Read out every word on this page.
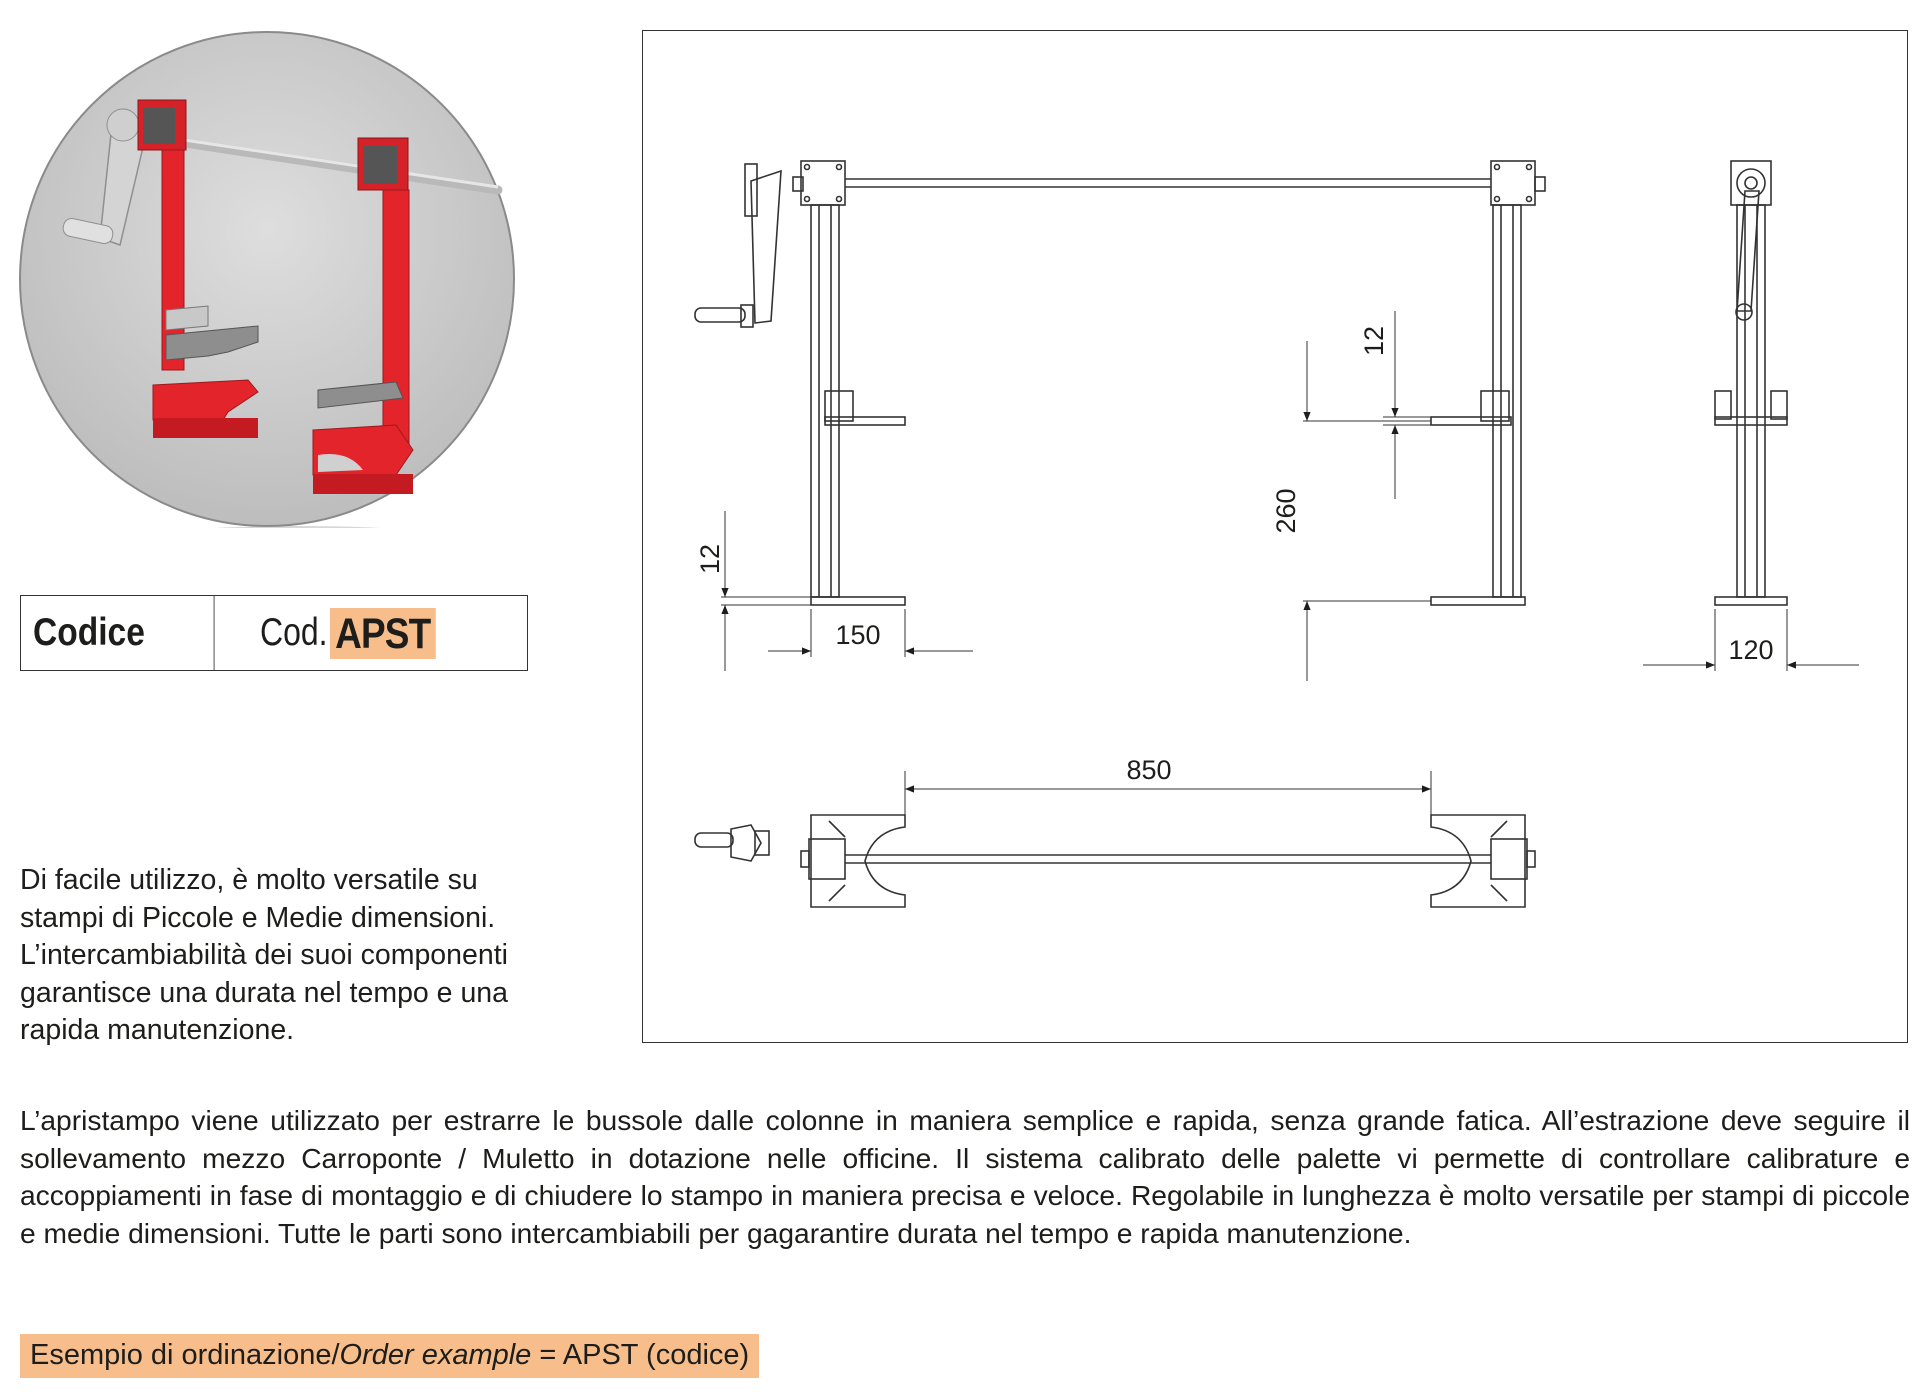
Codice	Cod. APST

Di facile utilizzo, è molto versatile su stampi di Piccole e Medie dimensioni. L’intercambiabilità dei suoi componenti garantisce una durata nel tempo e una rapida manutenzione.

12
150
12
260
120
850

L’apristampo viene utilizzato per estrarre le bussole dalle colonne in maniera semplice e rapida, senza grande fatica. All’estrazione deve seguire il sollevamento mezzo Carroponte / Muletto in dotazione nelle officine. Il sistema calibrato delle palette vi permette di controllare calibrature e accoppiamenti in fase di montaggio e di chiudere lo stampo in maniera precisa e veloce. Regolabile in lunghezza è molto versatile per stampi di piccole e medie dimensioni. Tutte le parti sono intercambiabili per gagarantire durata nel tempo e rapida manutenzione.

Esempio di ordinazione/Order example = APST (codice)
